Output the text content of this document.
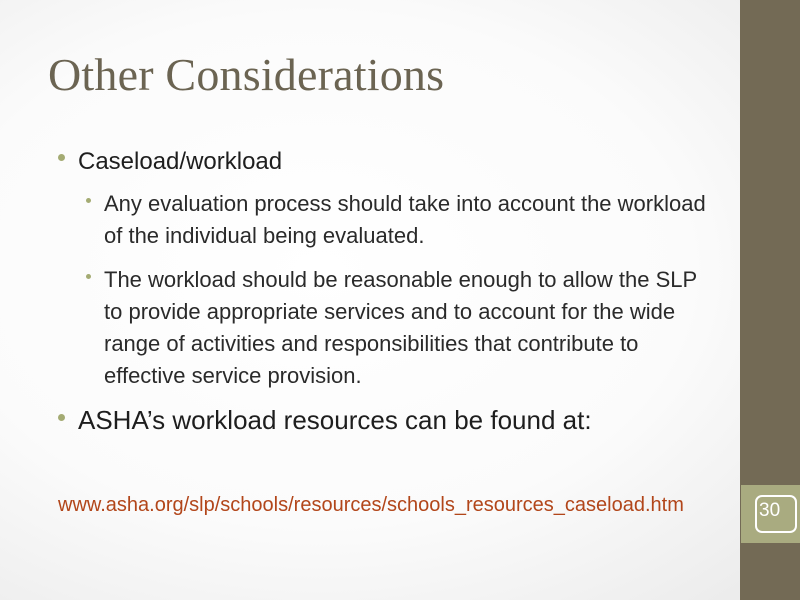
Other Considerations
Caseload/workload
Any evaluation process should take into account the workload of the individual being evaluated.
The workload should be reasonable enough to allow the SLP to provide appropriate services and to account for the wide range of activities and responsibilities that contribute to effective service provision.
ASHA’s workload resources can be found at:
www.asha.org/slp/schools/resources/schools_resources_caseload.htm	30
